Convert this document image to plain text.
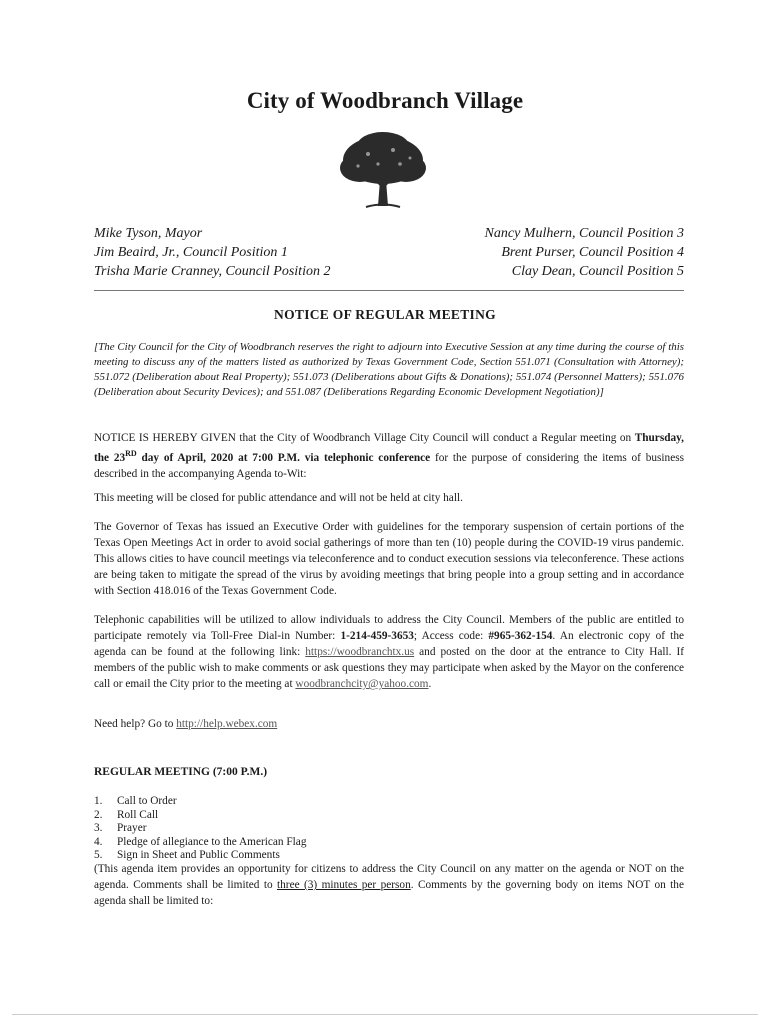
City of Woodbranch Village
Mike Tyson, Mayor
Jim Beaird, Jr., Council Position 1
Trisha Marie Cranney, Council Position 2
Nancy Mulhern, Council Position 3
Brent Purser, Council Position 4
Clay Dean, Council Position 5
NOTICE OF REGULAR MEETING
[The City Council for the City of Woodbranch reserves the right to adjourn into Executive Session at any time during the course of this meeting to discuss any of the matters listed as authorized by Texas Government Code, Section 551.071 (Consultation with Attorney); 551.072 (Deliberation about Real Property); 551.073 (Deliberations about Gifts & Donations); 551.074 (Personnel Matters); 551.076 (Deliberation about Security Devices); and 551.087 (Deliberations Regarding Economic Development Negotiation)]
NOTICE IS HEREBY GIVEN that the City of Woodbranch Village City Council will conduct a Regular meeting on Thursday, the 23RD day of April, 2020 at 7:00 P.M. via telephonic conference for the purpose of considering the items of business described in the accompanying Agenda to-Wit:
This meeting will be closed for public attendance and will not be held at city hall.
The Governor of Texas has issued an Executive Order with guidelines for the temporary suspension of certain portions of the Texas Open Meetings Act in order to avoid social gatherings of more than ten (10) people during the COVID-19 virus pandemic. This allows cities to have council meetings via teleconference and to conduct execution sessions via teleconference. These actions are being taken to mitigate the spread of the virus by avoiding meetings that bring people into a group setting and in accordance with Section 418.016 of the Texas Government Code.
Telephonic capabilities will be utilized to allow individuals to address the City Council. Members of the public are entitled to participate remotely via Toll-Free Dial-in Number: 1-214-459-3653; Access code: #965-362-154. An electronic copy of the agenda can be found at the following link: https://woodbranchtx.us and posted on the door at the entrance to City Hall. If members of the public wish to make comments or ask questions they may participate when asked by the Mayor on the conference call or email the City prior to the meeting at woodbranchcity@yahoo.com.
Need help? Go to http://help.webex.com
REGULAR MEETING (7:00 P.M.)
1.	Call to Order
2.	Roll Call
3.	Prayer
4.	Pledge of allegiance to the American Flag
5.	Sign in Sheet and Public Comments
(This agenda item provides an opportunity for citizens to address the City Council on any matter on the agenda or NOT on the agenda. Comments shall be limited to three (3) minutes per person. Comments by the governing body on items NOT on the agenda shall be limited to:
